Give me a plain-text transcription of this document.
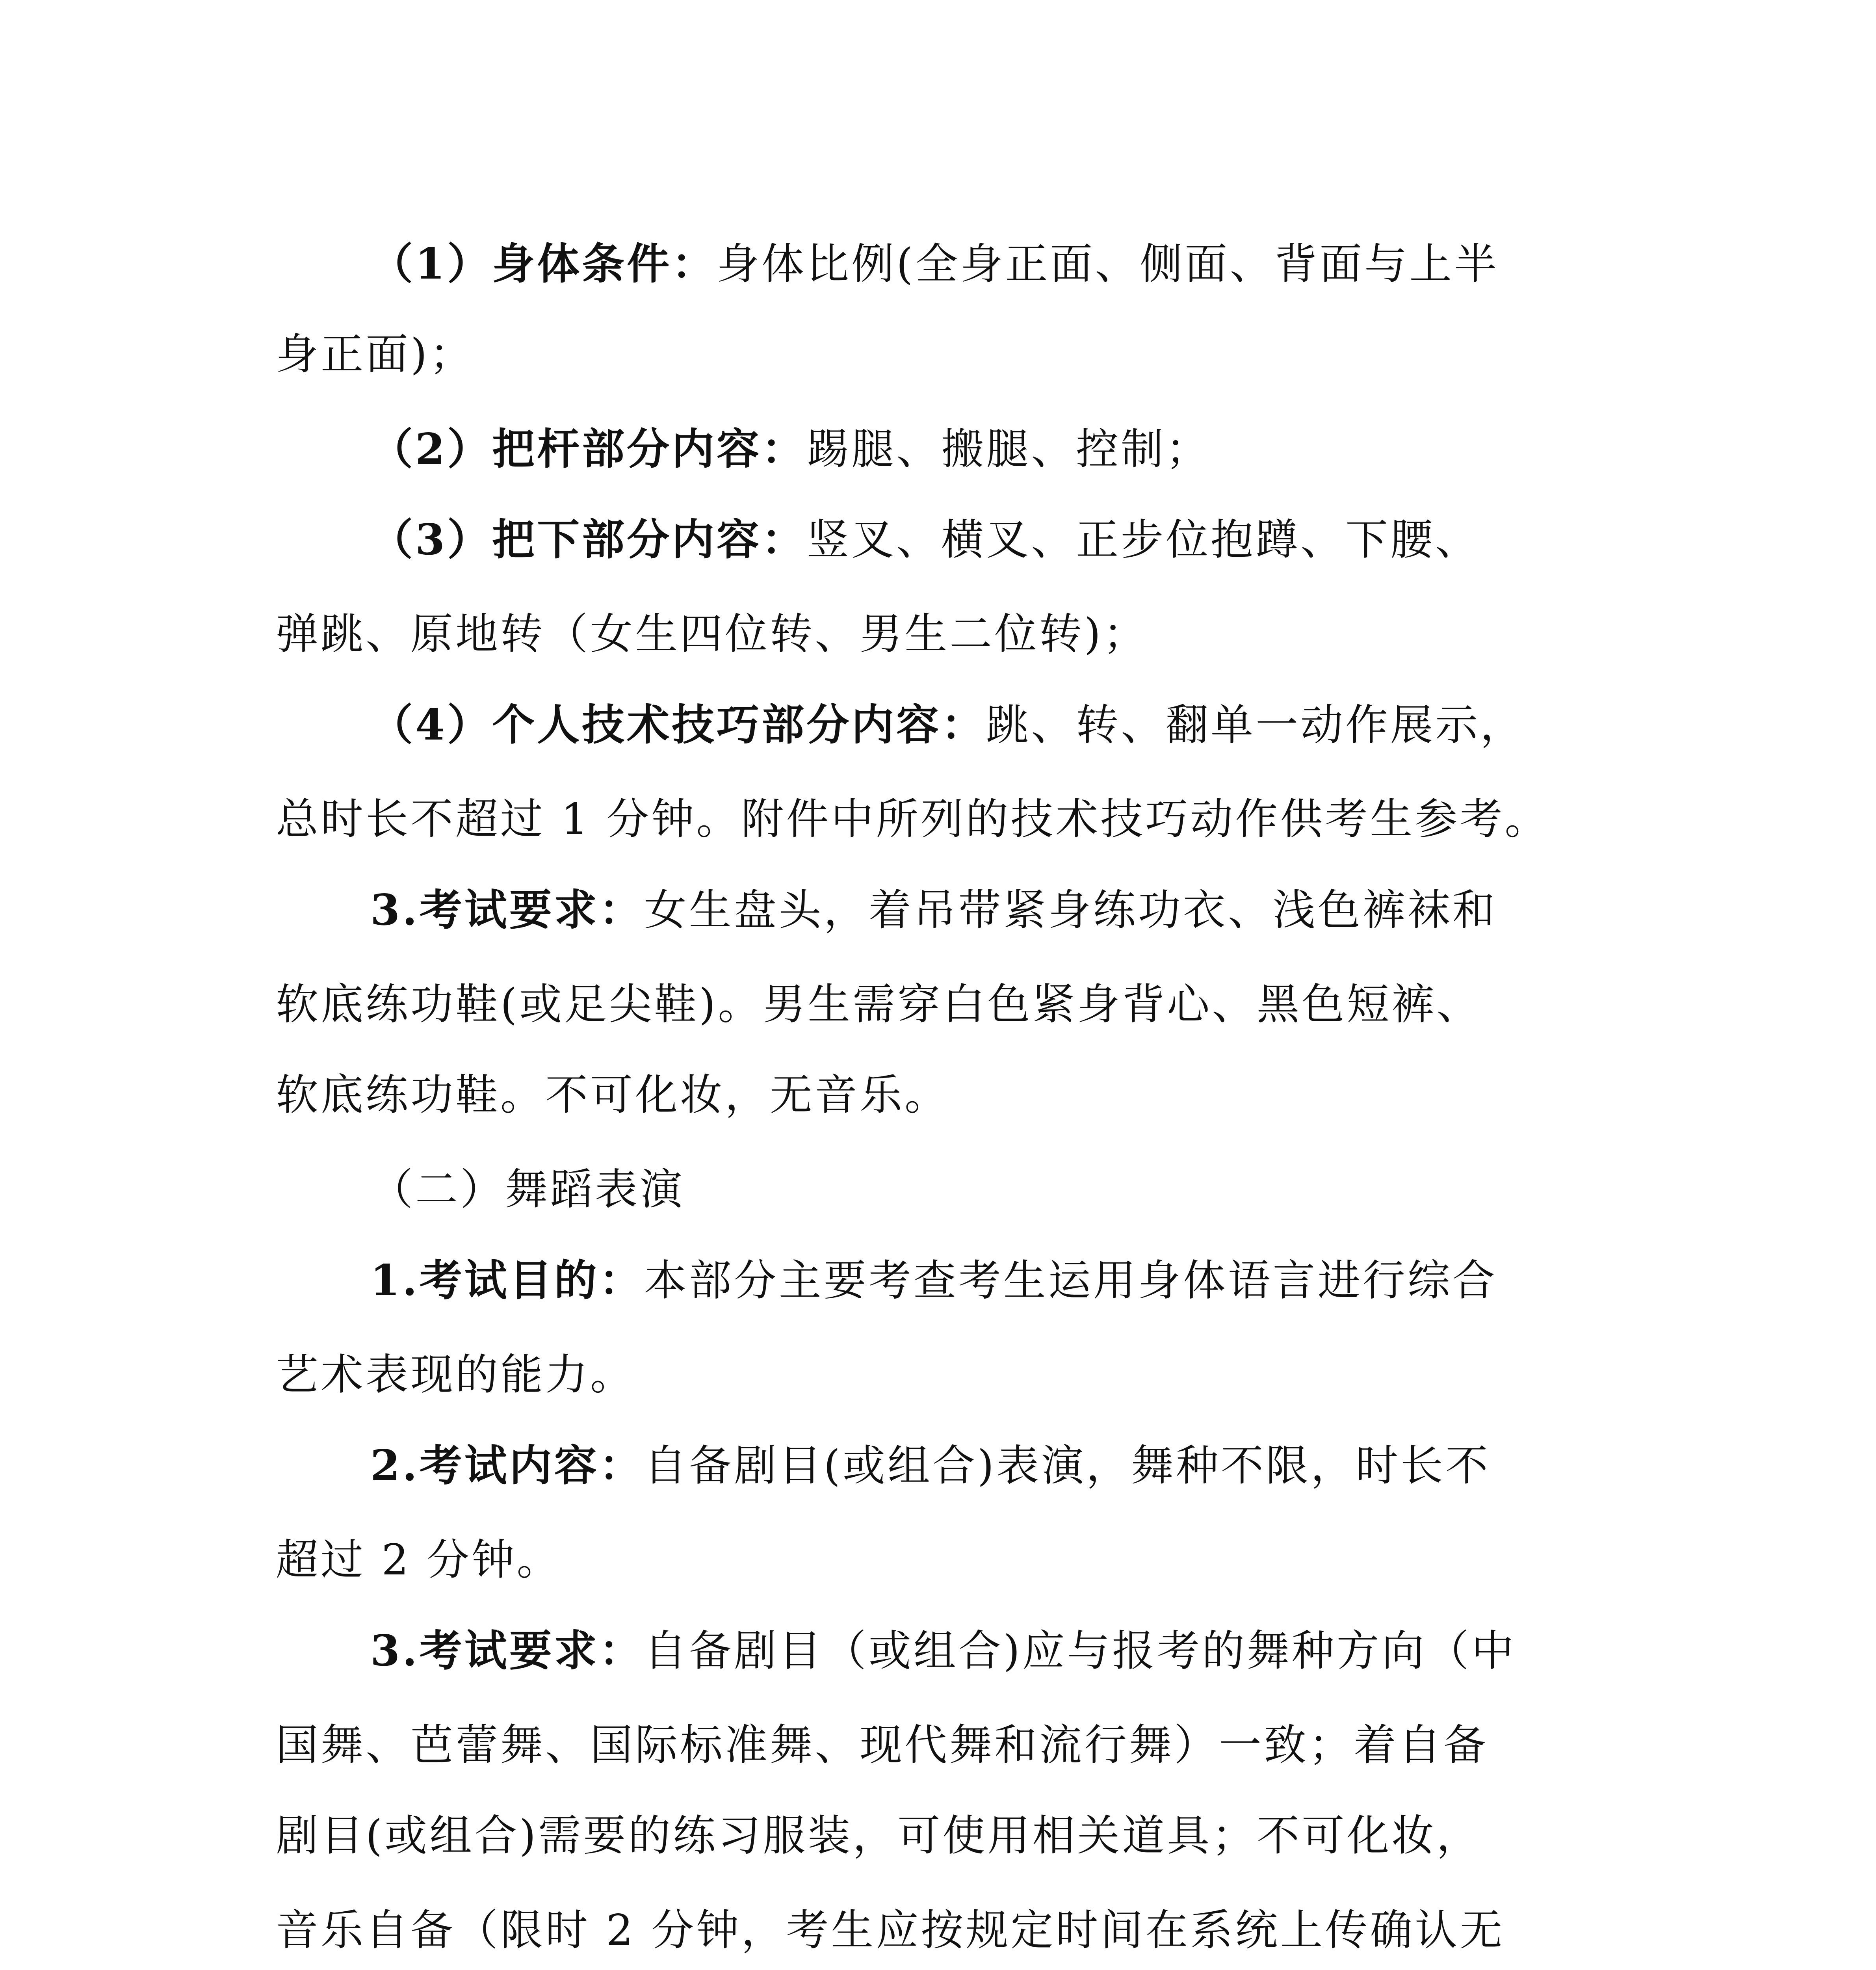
（1）身体条件：身体比例(全身正面、侧面、背面与上半
身正面)；
（2）把杆部分内容：踢腿、搬腿、控制；
（3）把下部分内容：竖叉、横叉、正步位抱蹲、下腰、
弹跳、原地转（女生四位转、男生二位转)；
（4）个人技术技巧部分内容：跳、转、翻单一动作展示，
总时长不超过 1 分钟。附件中所列的技术技巧动作供考生参考。
3.考试要求：女生盘头，着吊带紧身练功衣、浅色裤袜和
软底练功鞋(或足尖鞋)。男生需穿白色紧身背心、黑色短裤、
软底练功鞋。不可化妆，无音乐。
（二）舞蹈表演
1.考试目的：本部分主要考查考生运用身体语言进行综合
艺术表现的能力。
2.考试内容：自备剧目(或组合)表演，舞种不限，时长不
超过 2 分钟。
3.考试要求：自备剧目（或组合)应与报考的舞种方向（中
国舞、芭蕾舞、国际标准舞、现代舞和流行舞）一致；着自备
剧目(或组合)需要的练习服装，可使用相关道具；不可化妆，
音乐自备（限时 2 分钟，考生应按规定时间在系统上传确认无
